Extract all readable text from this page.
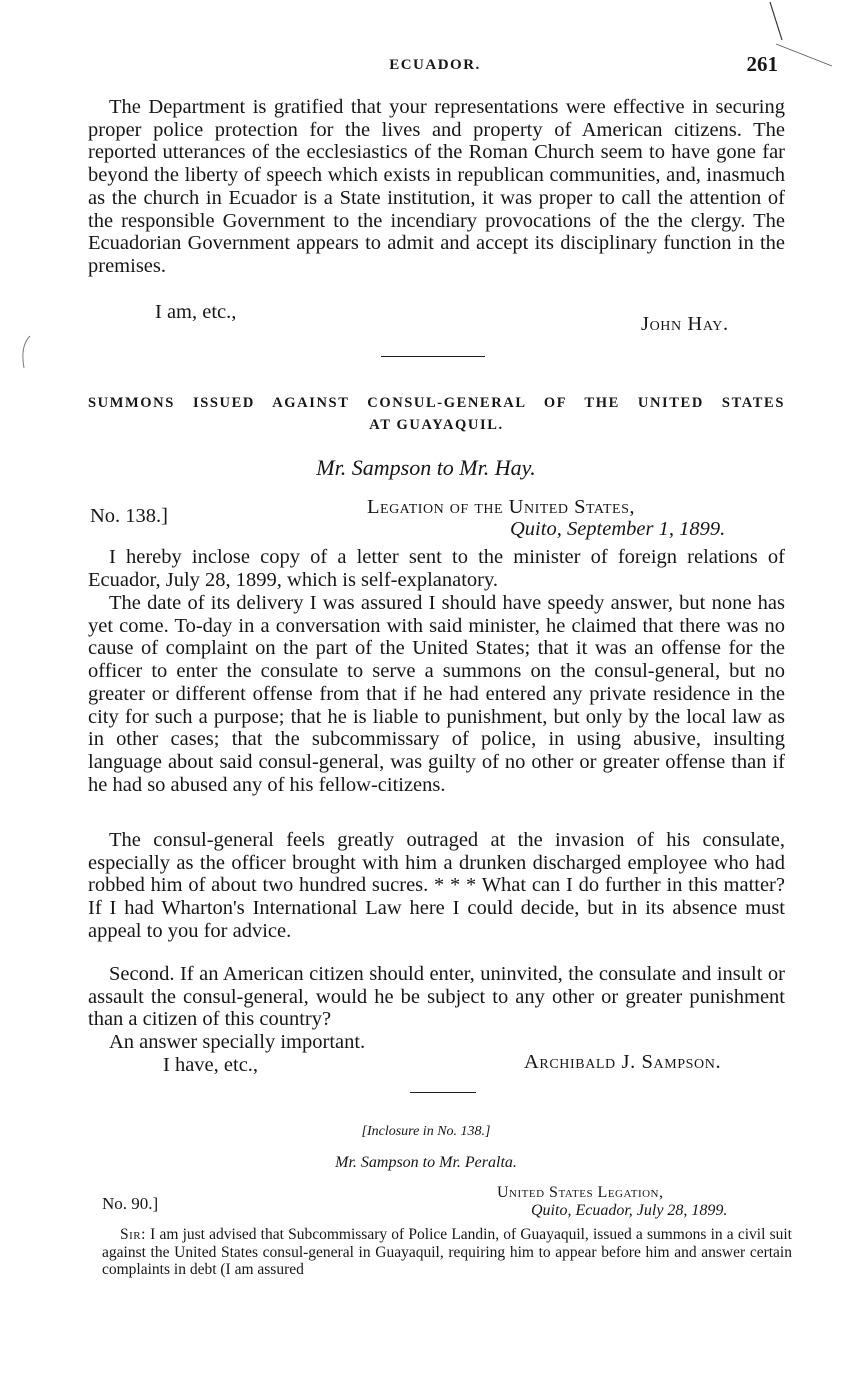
ECUADOR.	261

The Department is gratified that your representations were effective in securing proper police protection for the lives and property of American citizens. The reported utterances of the ecclesiastics of the Roman Church seem to have gone far beyond the liberty of speech which exists in republican communities, and, inasmuch as the church in Ecuador is a State institution, it was proper to call the attention of the responsible Government to the incendiary provocations of the the clergy. The Ecuadorian Government appears to admit and accept its disciplinary function in the premises.

I am, etc.,
John Hay.
SUMMONS ISSUED AGAINST CONSUL-GENERAL OF THE UNITED STATES
AT GUAYAQUIL.
Mr. Sampson to Mr. Hay.
No. 138.]	Legation of the United States,
Quito, September 1, 1899.

I hereby inclose copy of a letter sent to the minister of foreign relations of Ecuador, July 28, 1899, which is self-explanatory.

The date of its delivery I was assured I should have speedy answer, but none has yet come. To-day in a conversation with said minister, he claimed that there was no cause of complaint on the part of the United States; that it was an offense for the officer to enter the consulate to serve a summons on the consul-general, but no greater or different offense from that if he had entered any private residence in the city for such a purpose; that he is liable to punishment, but only by the local law as in other cases; that the subcommissary of police, in using abusive, insulting language about said consul-general, was guilty of no other or greater offense than if he had so abused any of his fellow-citizens.

The consul-general feels greatly outraged at the invasion of his consulate, especially as the officer brought with him a drunken discharged employee who had robbed him of about two hundred sucres. * * * What can I do further in this matter? If I had Wharton's International Law here I could decide, but in its absence must appeal to you for advice.

Second. If an American citizen should enter, uninvited, the consulate and insult or assault the consul-general, would he be subject to any other or greater punishment than a citizen of this country?

An answer specially important.

I have, etc.,	Archibald J. Sampson.
[Inclosure in No. 138.]
Mr. Sampson to Mr. Peralta.
No. 90.]
United States Legation,
Quito, Ecuador, July 28, 1899.

Sir: I am just advised that Subcommissary of Police Landin, of Guayaquil, issued a summons in a civil suit against the United States consul-general in Guayaquil, requiring him to appear before him and answer certain complaints in debt (I am assured
